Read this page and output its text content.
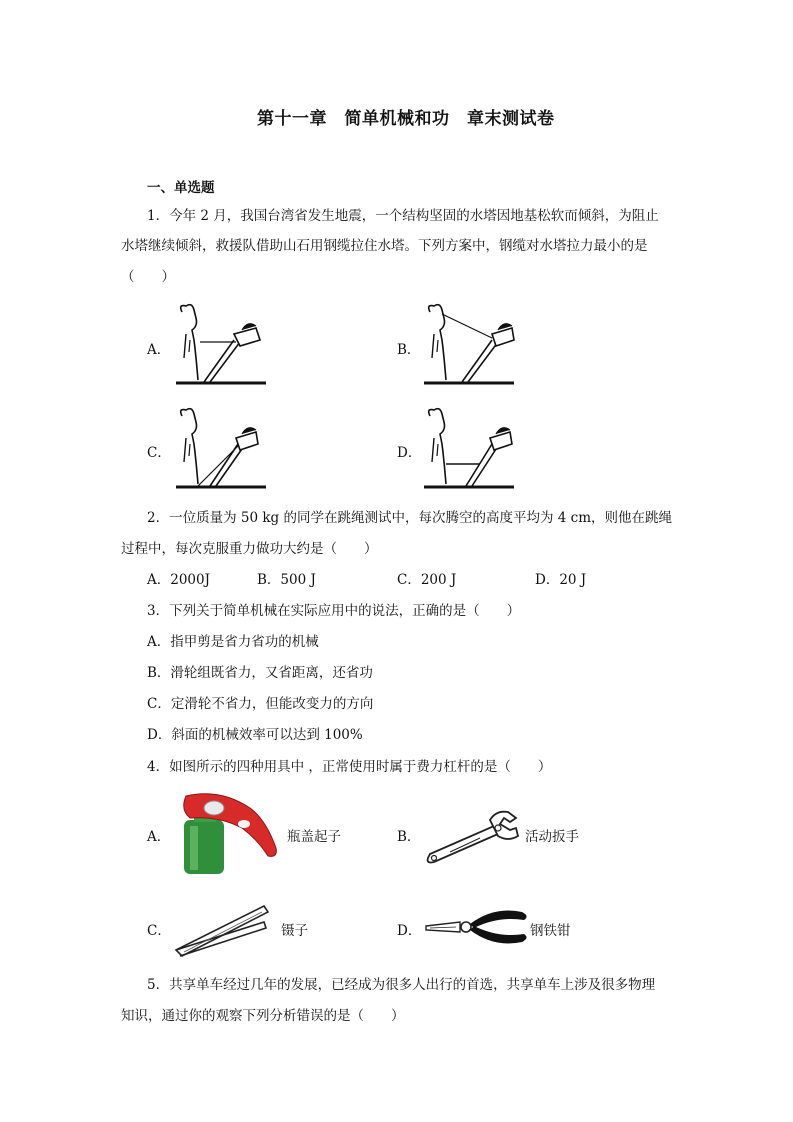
第十一章　简单机械和功　章末测试卷
一、单选题
1．今年 2 月，我国台湾省发生地震，一个结构坚固的水塔因地基松软而倾斜，为阻止
水塔继续倾斜，救援队借助山石用钢缆拉住水塔。下列方案中，钢缆对水塔拉力最小的是
（　　）
A．	B．
C．	D．
2．一位质量为 50 kg 的同学在跳绳测试中，每次腾空的高度平均为 4 cm，则他在跳绳
过程中，每次克服重力做功大约是（　　）
A．2000J	B．500 J	C．200 J	D．20 J
3．下列关于简单机械在实际应用中的说法，正确的是（　　）
A．指甲剪是省力省功的机械
B．滑轮组既省力，又省距离，还省功
C．定滑轮不省力，但能改变力的方向
D．斜面的机械效率可以达到 100%
4．如图所示的四种用具中 ，正常使用时属于费力杠杆的是（　　）
A．	瓶盖起子	B．	活动扳手
C．	镊子	D．	钢铁钳
5．共享单车经过几年的发展，已经成为很多人出行的首选，共享单车上涉及很多物理
知识，通过你的观察下列分析错误的是（　　）
